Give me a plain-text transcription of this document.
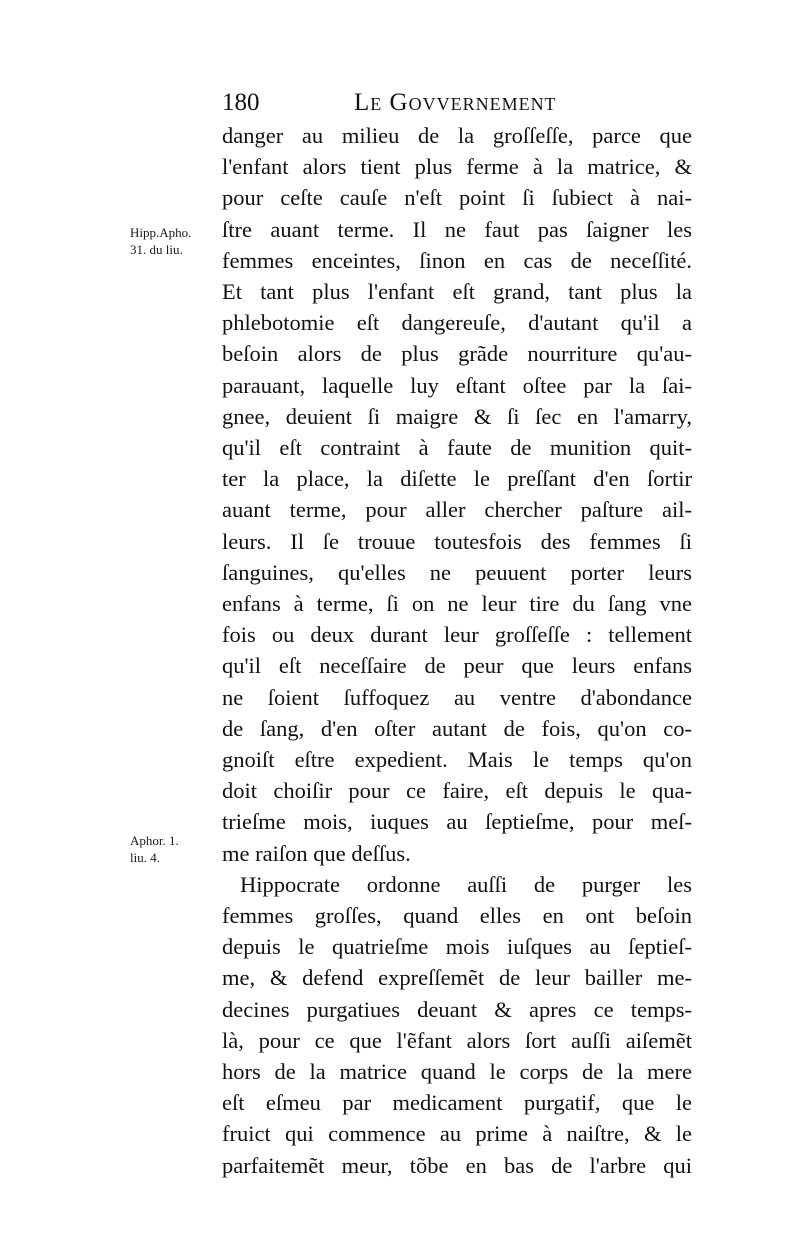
180	Le Govvernement
Hipp.Apho.
31. du liu.
Aphor. 1.
liu. 4.
danger au milieu de la groſſeſſe, parce que
l'enfant alors tient plus ferme à la matrice, &
pour ceſte cauſe n'eſt point ſi ſubiect à nai-
ſtre auant terme. Il ne faut pas ſaigner les
femmes enceintes, ſinon en cas de neceſſité.
Et tant plus l'enfant eſt grand, tant plus la
phlebotomie eſt dangereuſe, d'autant qu'il a
beſoin alors de plus grãde nourriture qu'au-
parauant, laquelle luy eſtant oſtee par la ſai-
gnee, deuient ſi maigre & ſi ſec en l'amarry,
qu'il eſt contraint à faute de munition quit-
ter la place, la diſette le preſſant d'en ſortir
auant terme, pour aller chercher paſture ail-
leurs. Il ſe trouue toutesfois des femmes ſi
ſanguines, qu'elles ne peuuent porter leurs
enfans à terme, ſi on ne leur tire du ſang vne
fois ou deux durant leur groſſeſſe : tellement
qu'il eſt neceſſaire de peur que leurs enfans
ne ſoient ſuffoquez au ventre d'abondance
de ſang, d'en oſter autant de fois, qu'on co-
gnoiſt eſtre expedient. Mais le temps qu'on
doit choiſir pour ce faire, eſt depuis le qua-
trieſme mois, iuques au ſeptieſme, pour meſ-
me raiſon que deſſus.
Hippocrate ordonne auſſi de purger les
femmes groſſes, quand elles en ont beſoin
depuis le quatrieſme mois iuſques au ſeptieſ-
me, & defend expreſſemẽt de leur bailler me-
decines purgatiues deuant & apres ce temps-
là, pour ce que l'ẽfant alors ſort auſſi aiſemẽt
hors de la matrice quand le corps de la mere
eſt eſmeu par medicament purgatif, que le
fruict qui commence au prime à naiſtre, & le
parfaitemẽt meur, tõbe en bas de l'arbre qui
